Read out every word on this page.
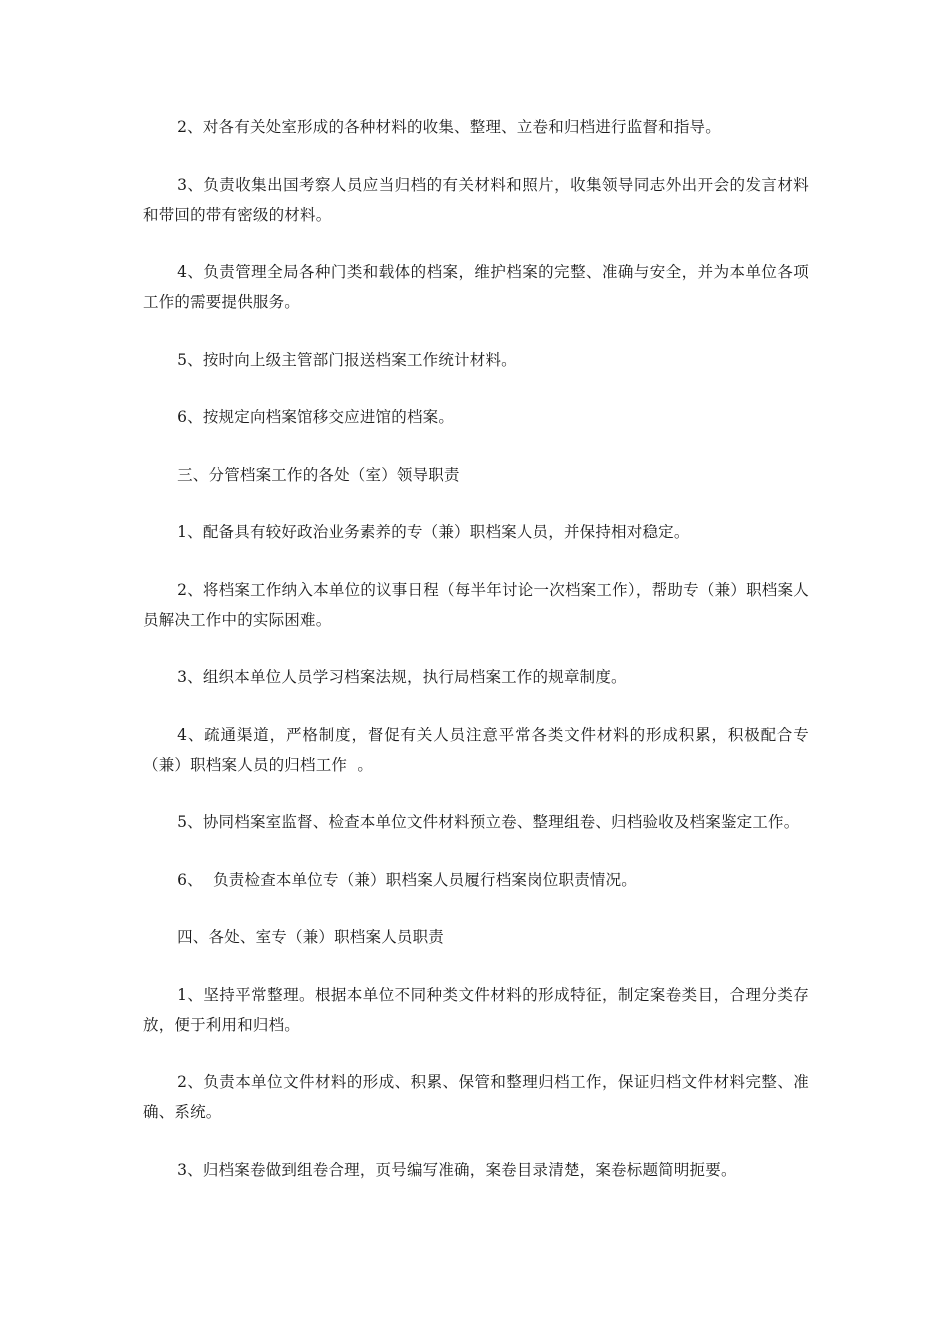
2、对各有关处室形成的各种材料的收集、整理、立卷和归档进行监督和指导。

3、负责收集出国考察人员应当归档的有关材料和照片，收集领导同志外出开会的发言材料和带回的带有密级的材料。

4、负责管理全局各种门类和载体的档案，维护档案的完整、准确与安全，并为本单位各项工作的需要提供服务。

5、按时向上级主管部门报送档案工作统计材料。

6、按规定向档案馆移交应进馆的档案。

三、分管档案工作的各处（室）领导职责

1、配备具有较好政治业务素养的专（兼）职档案人员，并保持相对稳定。

2、将档案工作纳入本单位的议事日程（每半年讨论一次档案工作），帮助专（兼）职档案人员解决工作中的实际困难。

3、组织本单位人员学习档案法规，执行局档案工作的规章制度。

4、疏通渠道，严格制度，督促有关人员注意平常各类文件材料的形成积累，积极配合专（兼）职档案人员的归档工作  。

5、协同档案室监督、检查本单位文件材料预立卷、整理组卷、归档验收及档案鉴定工作。

6、  负责检查本单位专（兼）职档案人员履行档案岗位职责情况。

四、各处、室专（兼）职档案人员职责

1、坚持平常整理。根据本单位不同种类文件材料的形成特征，制定案卷类目，合理分类存放，便于利用和归档。

2、负责本单位文件材料的形成、积累、保管和整理归档工作，保证归档文件材料完整、准确、系统。

3、归档案卷做到组卷合理，页号编写准确，案卷目录清楚，案卷标题简明扼要。
